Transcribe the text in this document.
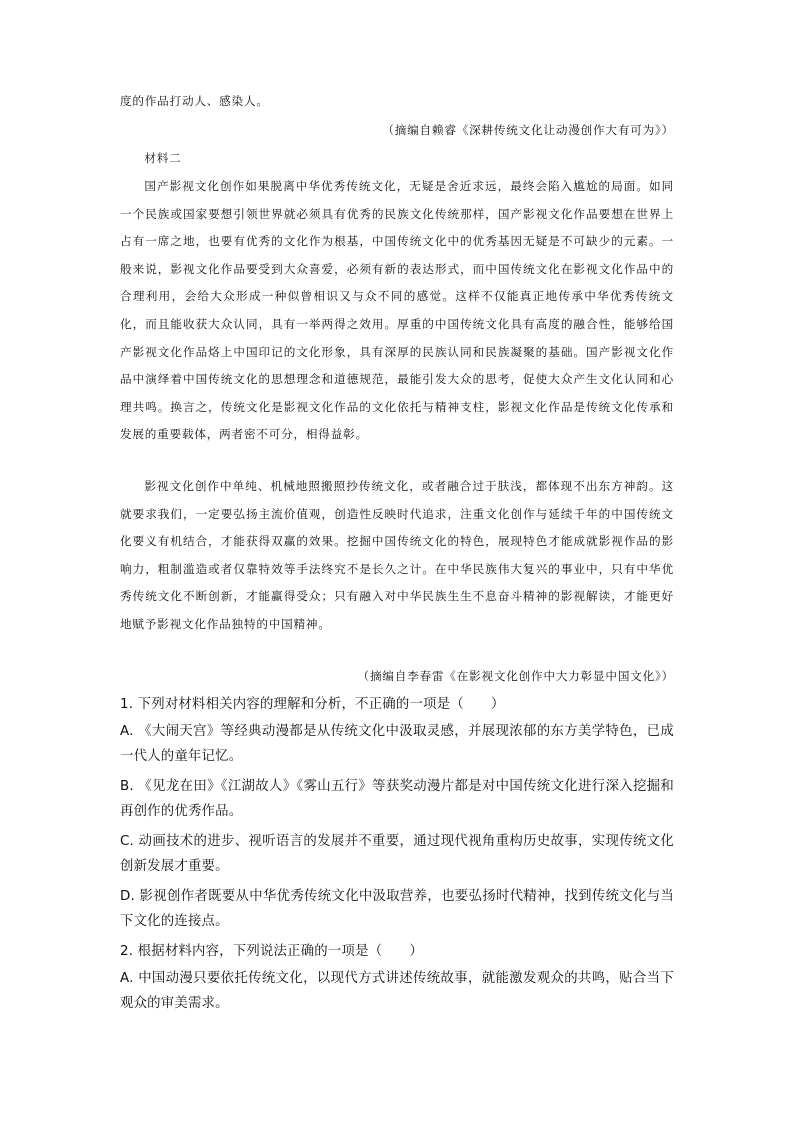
度的作品打动人、感染人。

（摘编自赖睿《深耕传统文化让动漫创作大有可为》）

材料二

国产影视文化创作如果脱离中华优秀传统文化，无疑是舍近求远，最终会陷入尴尬的局面。如同一个民族或国家要想引领世界就必须具有优秀的民族文化传统那样，国产影视文化作品要想在世界上占有一席之地，也要有优秀的文化作为根基，中国传统文化中的优秀基因无疑是不可缺少的元素。一般来说，影视文化作品要受到大众喜爱，必须有新的表达形式，而中国传统文化在影视文化作品中的合理利用，会给大众形成一种似曾相识又与众不同的感觉。这样不仅能真正地传承中华优秀传统文化，而且能收获大众认同，具有一举两得之效用。厚重的中国传统文化具有高度的融合性，能够给国产影视文化作品烙上中国印记的文化形象，具有深厚的民族认同和民族凝聚的基础。国产影视文化作品中演绎着中国传统文化的思想理念和道德规范，最能引发大众的思考，促使大众产生文化认同和心理共鸣。换言之，传统文化是影视文化作品的文化依托与精神支柱，影视文化作品是传统文化传承和发展的重要载体，两者密不可分，相得益彰。

影视文化创作中单纯、机械地照搬照抄传统文化，或者融合过于肤浅，都体现不出东方神韵。这就要求我们，一定要弘扬主流价值观，创造性反映时代追求，注重文化创作与延续千年的中国传统文化要义有机结合，才能获得双赢的效果。挖掘中国传统文化的特色，展现特色才能成就影视作品的影响力，粗制滥造或者仅靠特效等手法终究不是长久之计。在中华民族伟大复兴的事业中，只有中华优秀传统文化不断创新，才能赢得受众；只有融入对中华民族生生不息奋斗精神的影视解读，才能更好地赋予影视文化作品独特的中国精神。

（摘编自李春雷《在影视文化创作中大力彰显中国文化》）

1. 下列对材料相关内容的理解和分析，不正确的一项是（　　）

A. 《大闹天宫》等经典动漫都是从传统文化中汲取灵感，并展现浓郁的东方美学特色，已成一代人的童年记忆。

B. 《见龙在田》《江湖故人》《雾山五行》等获奖动漫片都是对中国传统文化进行深入挖掘和再创作的优秀作品。

C. 动画技术的进步、视听语言的发展并不重要，通过现代视角重构历史故事，实现传统文化创新发展才重要。

D. 影视创作者既要从中华优秀传统文化中汲取营养，也要弘扬时代精神，找到传统文化与当下文化的连接点。

2. 根据材料内容，下列说法正确的一项是（　　）

A. 中国动漫只要依托传统文化，以现代方式讲述传统故事，就能激发观众的共鸣，贴合当下观众的审美需求。
